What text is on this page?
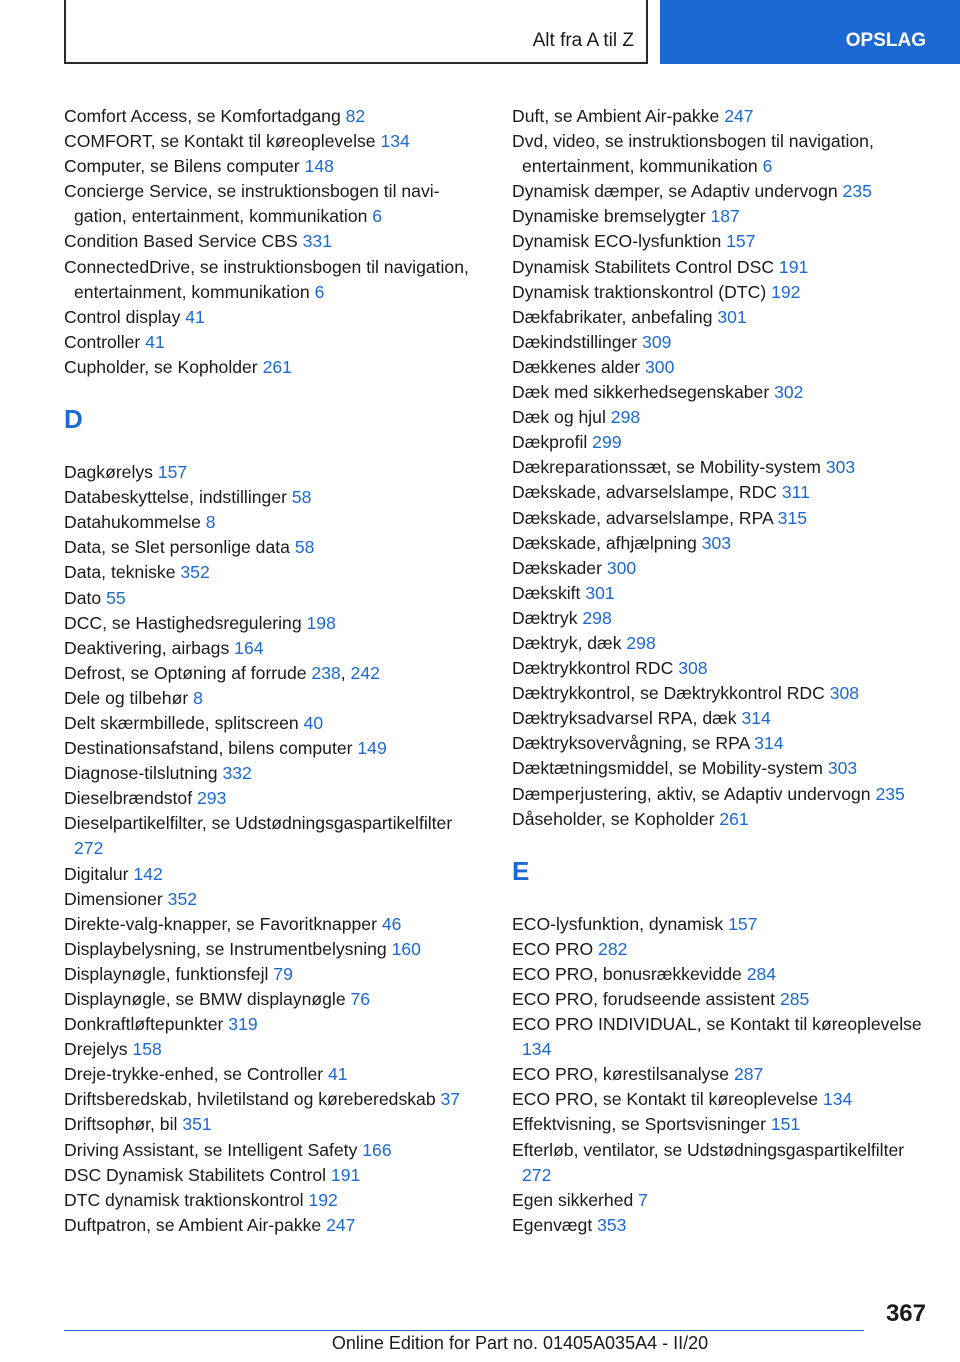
Alt fra A til Z	OPSLAG

Comfort Access, se Komfortadgang 82

COMFORT, se Kontakt til køreoplevelse 134

Computer, se Bilens computer 148

Concierge Service, se instruktionsbogen til navigation, entertainment, kommunikation 6

Condition Based Service CBS 331

ConnectedDrive, se instruktionsbogen til navigation, entertainment, kommunikation 6

Control display 41

Controller 41

Cupholder, se Kopholder 261

D

Dagkørelys 157

Databeskyttelse, indstillinger 58

Datahukommelse 8

Data, se Slet personlige data 58

Data, tekniske 352

Dato 55

DCC, se Hastighedsregulering 198

Deaktivering, airbags 164

Defrost, se Optøning af forrude 238, 242

Dele og tilbehør 8

Delt skærmbillede, splitscreen 40

Destinationsafstand, bilens computer 149

Diagnose-tilslutning 332

Dieselbrændstof 293

Dieselpartikelfilter, se Udstødningsgaspartikelfilter 272

Digitalur 142

Dimensioner 352

Direkte-valg-knapper, se Favoritknapper 46

Displaybelysning, se Instrumentbelysning 160

Displaynøgle, funktionsfejl 79

Displaynøgle, se BMW displaynøgle 76

Donkraftløftepunkter 319

Drejelys 158

Dreje-trykke-enhed, se Controller 41

Driftsberedskab, hviletilstand og køreberedskab 37

Driftsophør, bil 351

Driving Assistant, se Intelligent Safety 166

DSC Dynamisk Stabilitets Control 191

DTC dynamisk traktionskontrol 192

Duftpatron, se Ambient Air-pakke 247

Duft, se Ambient Air-pakke 247

Dvd, video, se instruktionsbogen til navigation, entertainment, kommunikation 6

Dynamisk dæmper, se Adaptiv undervogn 235

Dynamiske bremselygter 187

Dynamisk ECO-lysfunktion 157

Dynamisk Stabilitets Control DSC 191

Dynamisk traktionskontrol (DTC) 192

Dækfabrikater, anbefaling 301

Dækindstillinger 309

Dækkenes alder 300

Dæk med sikkerhedsegenskaber 302

Dæk og hjul 298

Dækprofil 299

Dækreparationssæt, se Mobility-system 303

Dækskade, advarselslampe, RDC 311

Dækskade, advarselslampe, RPA 315

Dækskade, afhjælpning 303

Dækskader 300

Dækskift 301

Dæktryk 298

Dæktryk, dæk 298

Dæktrykkontrol RDC 308

Dæktrykkontrol, se Dæktrykkontrol RDC 308

Dæktryksadvarsel RPA, dæk 314

Dæktryksovervågning, se RPA 314

Dæktætningsmiddel, se Mobility-system 303

Dæmperjustering, aktiv, se Adaptiv undervogn 235

Dåseholder, se Kopholder 261

E

ECO-lysfunktion, dynamisk 157

ECO PRO 282

ECO PRO, bonusrækkevidde 284

ECO PRO, forudseende assistent 285

ECO PRO INDIVIDUAL, se Kontakt til køreoplevelse 134

ECO PRO, kørestilsanalyse 287

ECO PRO, se Kontakt til køreoplevelse 134

Effektvisning, se Sportsvisninger 151

Efterløb, ventilator, se Udstødningsgaspartikelfilter 272

Egen sikkerhed 7

Egenvægt 353

367
Online Edition for Part no. 01405A035A4 - II/20
